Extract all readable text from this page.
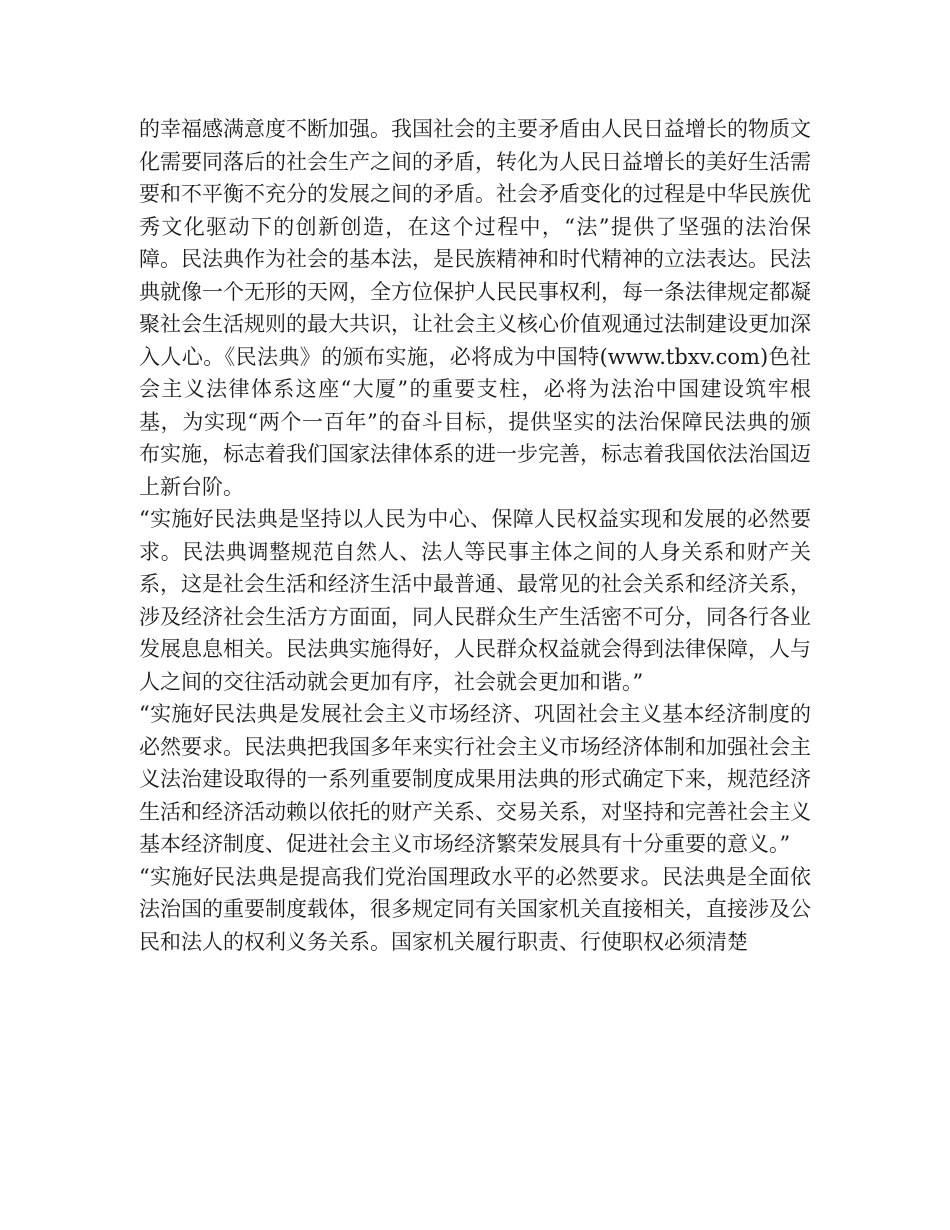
的幸福感满意度不断加强。我国社会的主要矛盾由人民日益增长的物质文化需要同落后的社会生产之间的矛盾，转化为人民日益增长的美好生活需要和不平衡不充分的发展之间的矛盾。社会矛盾变化的过程是中华民族优秀文化驱动下的创新创造，在这个过程中，“法”提供了坚强的法治保障。民法典作为社会的基本法，是民族精神和时代精神的立法表达。民法典就像一个无形的天网，全方位保护人民民事权利，每一条法律规定都凝聚社会生活规则的最大共识，让社会主义核心价值观通过法制建设更加深入人心。《民法典》的颁布实施，必将成为中国特(www.tbxv.com)色社会主义法律体系这座“大厦”的重要支柱，必将为法治中国建设筑牢根基，为实现“两个一百年”的奋斗目标，提供坚实的法治保障民法典的颁布实施，标志着我们国家法律体系的进一步完善，标志着我国依法治国迈上新台阶。

“实施好民法典是坚持以人民为中心、保障人民权益实现和发展的必然要求。民法典调整规范自然人、法人等民事主体之间的人身关系和财产关系，这是社会生活和经济生活中最普通、最常见的社会关系和经济关系，涉及经济社会生活方方面面，同人民群众生产生活密不可分，同各行各业发展息息相关。民法典实施得好，人民群众权益就会得到法律保障，人与人之间的交往活动就会更加有序，社会就会更加和谐。”

“实施好民法典是发展社会主义市场经济、巩固社会主义基本经济制度的必然要求。民法典把我国多年来实行社会主义市场经济体制和加强社会主义法治建设取得的一系列重要制度成果用法典的形式确定下来，规范经济生活和经济活动赖以依托的财产关系、交易关系，对坚持和完善社会主义基本经济制度、促进社会主义市场经济繁荣发展具有十分重要的意义。”

“实施好民法典是提高我们党治国理政水平的必然要求。民法典是全面依法治国的重要制度载体，很多规定同有关国家机关直接相关，直接涉及公民和法人的权利义务关系。国家机关履行职责、行使职权必须清楚
